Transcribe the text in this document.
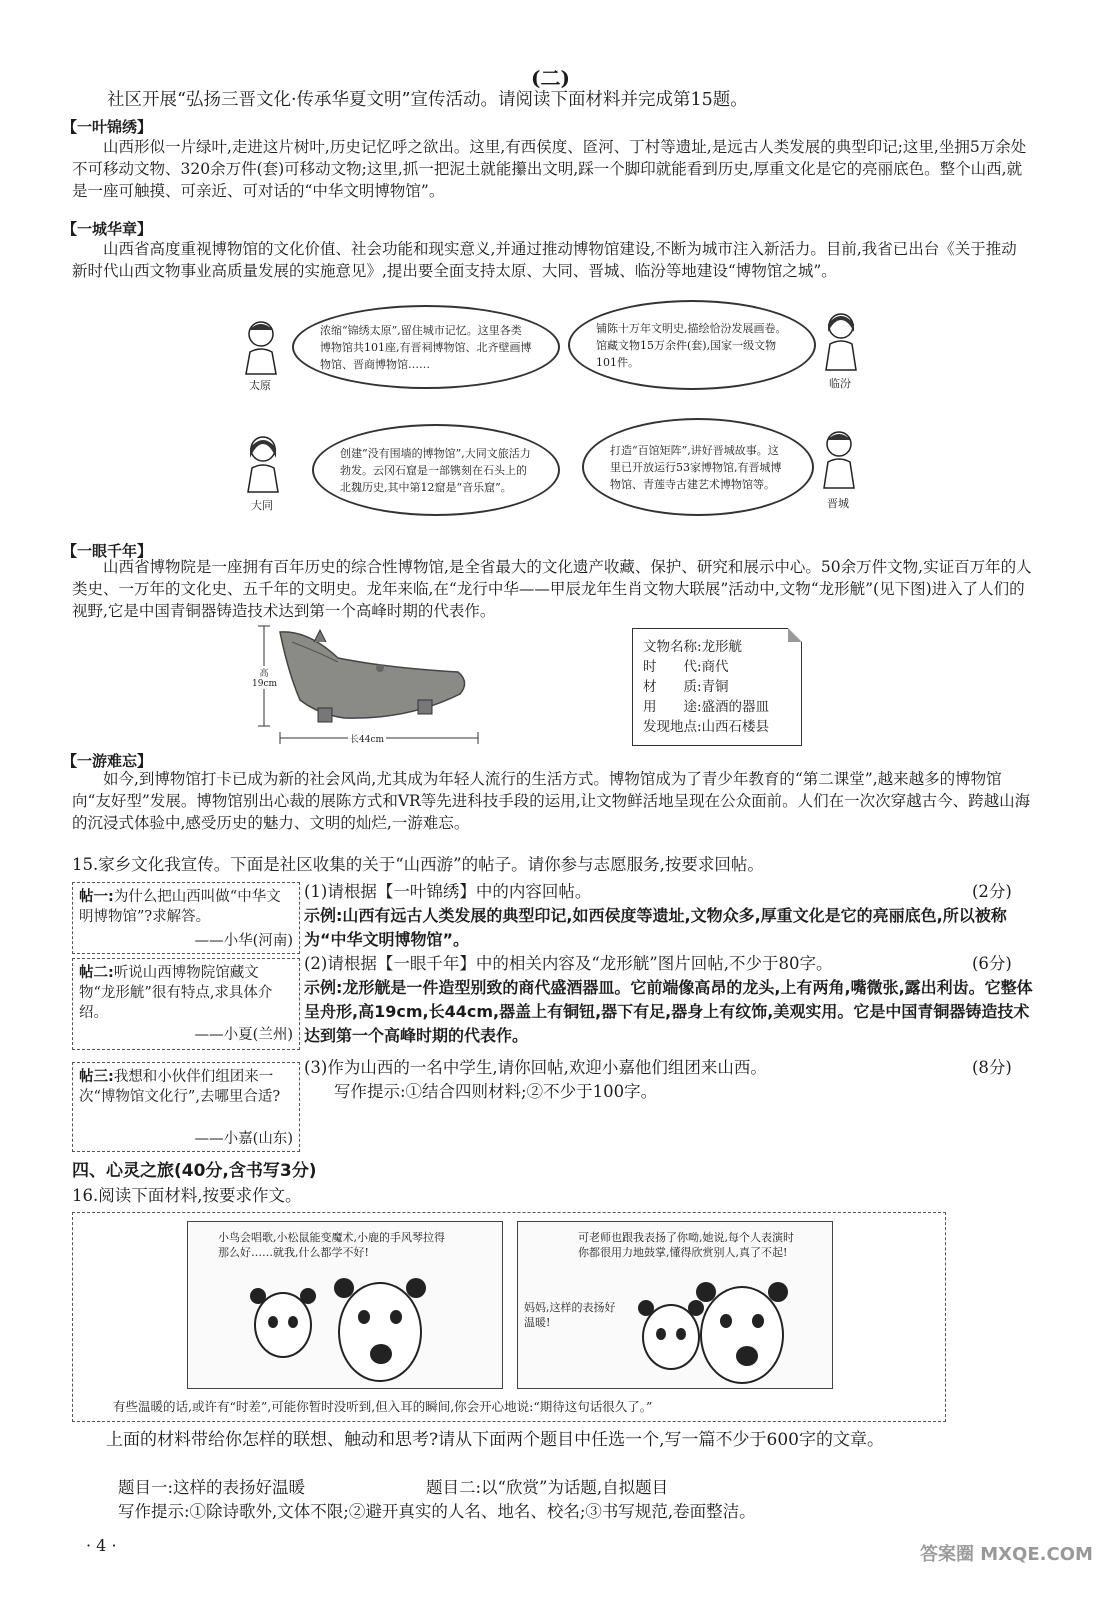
(二)
社区开展“弘扬三晋文化·传承华夏文明”宣传活动。请阅读下面材料并完成第15题。
【一叶锦绣】
山西形似一片绿叶,走进这片树叶,历史记忆呼之欲出。这里,有西侯度、匼河、丁村等遗址,是远古人类发展的典型印记;这里,坐拥5万余处不可移动文物、320余万件(套)可移动文物;这里,抓一把泥土就能攥出文明,踩一个脚印就能看到历史,厚重文化是它的亮丽底色。整个山西,就是一座可触摸、可亲近、可对话的“中华文明博物馆”。
【一城华章】
山西省高度重视博物馆的文化价值、社会功能和现实意义,并通过推动博物馆建设,不断为城市注入新活力。目前,我省已出台《关于推动新时代山西文物事业高质量发展的实施意见》,提出要全面支持太原、大同、晋城、临汾等地建设“博物馆之城”。
太原
浓缩“锦绣太原”,留住城市记忆。这里各类博物馆共101座,有晋祠博物馆、北齐壁画博物馆、晋商博物馆……
铺陈十万年文明史,描绘恰汾发展画卷。馆藏文物15万余件(套),国家一级文物101件。
临汾
大同
创建“没有围墙的博物馆”,大同文旅活力勃发。云冈石窟是一部镌刻在石头上的北魏历史,其中第12窟是“音乐窟”。
打造“百馆矩阵”,讲好晋城故事。这里已开放运行53家博物馆,有晋城博物馆、青莲寺古建艺术博物馆等。
晋城
【一眼千年】
山西省博物院是一座拥有百年历史的综合性博物馆,是全省最大的文化遗产收藏、保护、研究和展示中心。50余万件文物,实证百万年的人类史、一万年的文化史、五千年的文明史。龙年来临,在“龙行中华——甲辰龙年生肖文物大联展”活动中,文物“龙形觥”(见下图)进入了人们的视野,它是中国青铜器铸造技术达到第一个高峰时期的代表作。
高19cm
长44cm
文物名称:龙形觥
时　　代:商代
材　　质:青铜
用　　途:盛酒的器皿
发现地点:山西石楼县
【一游难忘】
如今,到博物馆打卡已成为新的社会风尚,尤其成为年轻人流行的生活方式。博物馆成为了青少年教育的“第二课堂”,越来越多的博物馆向“友好型”发展。博物馆别出心裁的展陈方式和VR等先进科技手段的运用,让文物鲜活地呈现在公众面前。人们在一次次穿越古今、跨越山海的沉浸式体验中,感受历史的魅力、文明的灿烂,一游难忘。
15.家乡文化我宣传。下面是社区收集的关于“山西游”的帖子。请你参与志愿服务,按要求回帖。
帖一:为什么把山西叫做“中华文明博物馆”?求解答。
——小华(河南)
帖二:听说山西博物院馆藏文物“龙形觥”很有特点,求具体介绍。
——小夏(兰州)
帖三:我想和小伙伴们组团来一次“博物馆文化行”,去哪里合适?
——小嘉(山东)
(1)请根据【一叶锦绣】中的内容回帖。	(2分)
示例:山西有远古人类发展的典型印记,如西侯度等遗址,文物众多,厚重文化是它的亮丽底色,所以被称为“中华文明博物馆”。
(2)请根据【一眼千年】中的相关内容及“龙形觥”图片回帖,不少于80字。	(6分)
示例:龙形觥是一件造型别致的商代盛酒器皿。它前端像高昂的龙头,上有两角,嘴微张,露出利齿。它整体呈舟形,高19cm,长44cm,器盖上有铜钮,器下有足,器身上有纹饰,美观实用。它是中国青铜器铸造技术达到第一个高峰时期的代表作。
(3)作为山西的一名中学生,请你回帖,欢迎小嘉他们组团来山西。	(8分)
写作提示:①结合四则材料;②不少于100字。
四、心灵之旅(40分,含书写3分)
16.阅读下面材料,按要求作文。
小鸟会唱歌,小松鼠能变魔术,小鹿的手风琴拉得那么好……就我,什么都学不好!
可老师也跟我表扬了你呦,她说,每个人表演时你都很用力地鼓掌,懂得欣赏别人,真了不起!
妈妈,这样的表扬好温暖!
有些温暖的话,或许有“时差”,可能你暂时没听到,但入耳的瞬间,你会开心地说:“期待这句话很久了。”
上面的材料带给你怎样的联想、触动和思考?请从下面两个题目中任选一个,写一篇不少于600字的文章。
题目一:这样的表扬好温暖	题目二:以“欣赏”为话题,自拟题目
写作提示:①除诗歌外,文体不限;②避开真实的人名、地名、校名;③书写规范,卷面整洁。
· 4 ·	答案圈 MXQE.COM
